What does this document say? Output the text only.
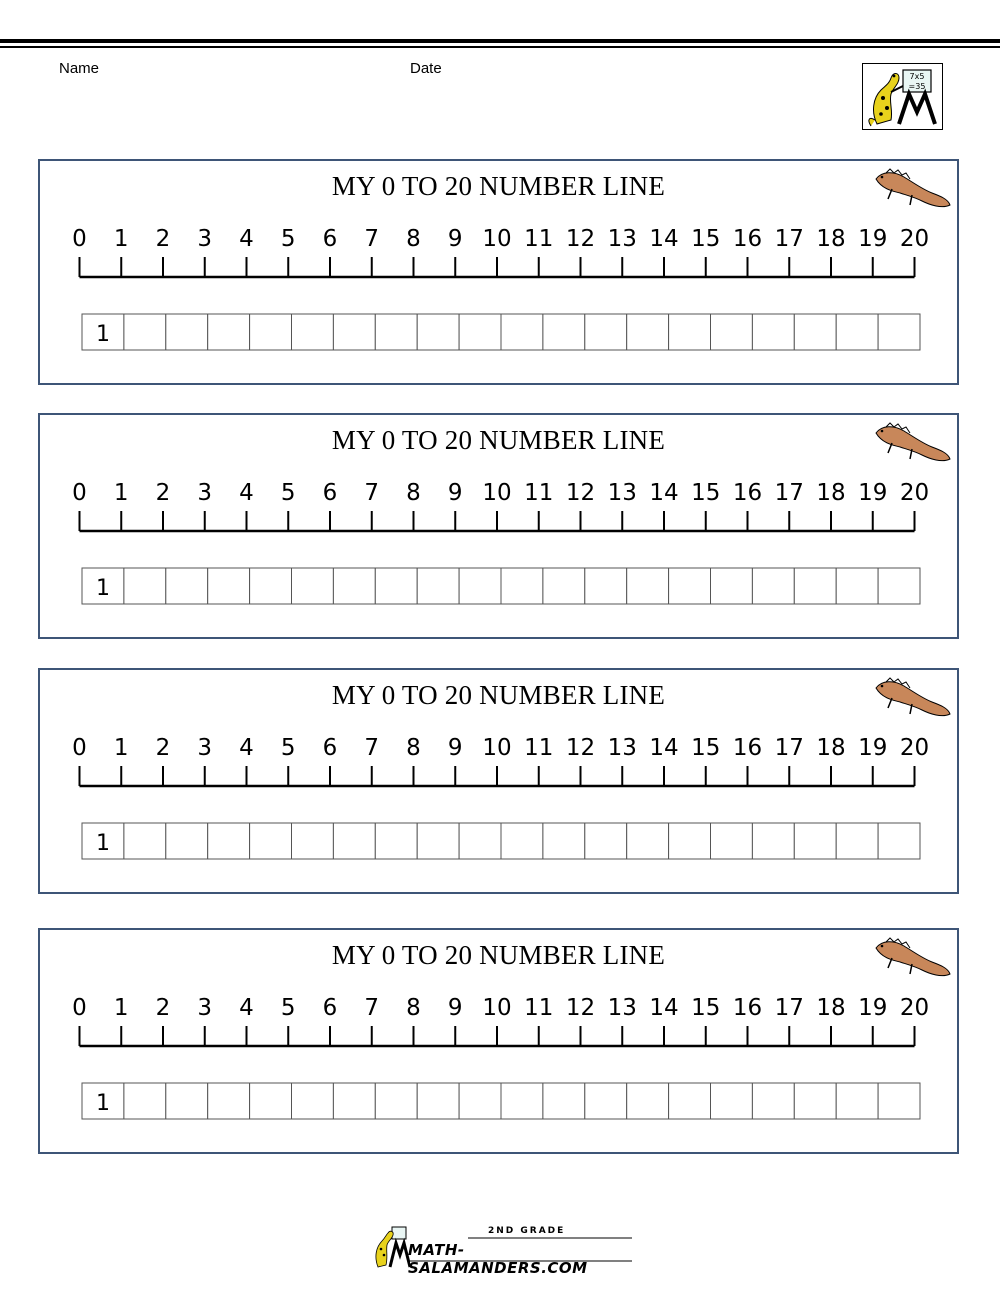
Name	Date	7x5
=35
MY 0 TO 20 NUMBER LINE
0 1 2 3 4 5 6 7 8 9 10 11 12 13 14 15 16 17 18 19 20
1
MY 0 TO 20 NUMBER LINE
0 1 2 3 4 5 6 7 8 9 10 11 12 13 14 15 16 17 18 19 20
1
MY 0 TO 20 NUMBER LINE
0 1 2 3 4 5 6 7 8 9 10 11 12 13 14 15 16 17 18 19 20
1
MY 0 TO 20 NUMBER LINE
0 1 2 3 4 5 6 7 8 9 10 11 12 13 14 15 16 17 18 19 20
1
2ND GRADE
MATH-SALAMANDERS.COM
